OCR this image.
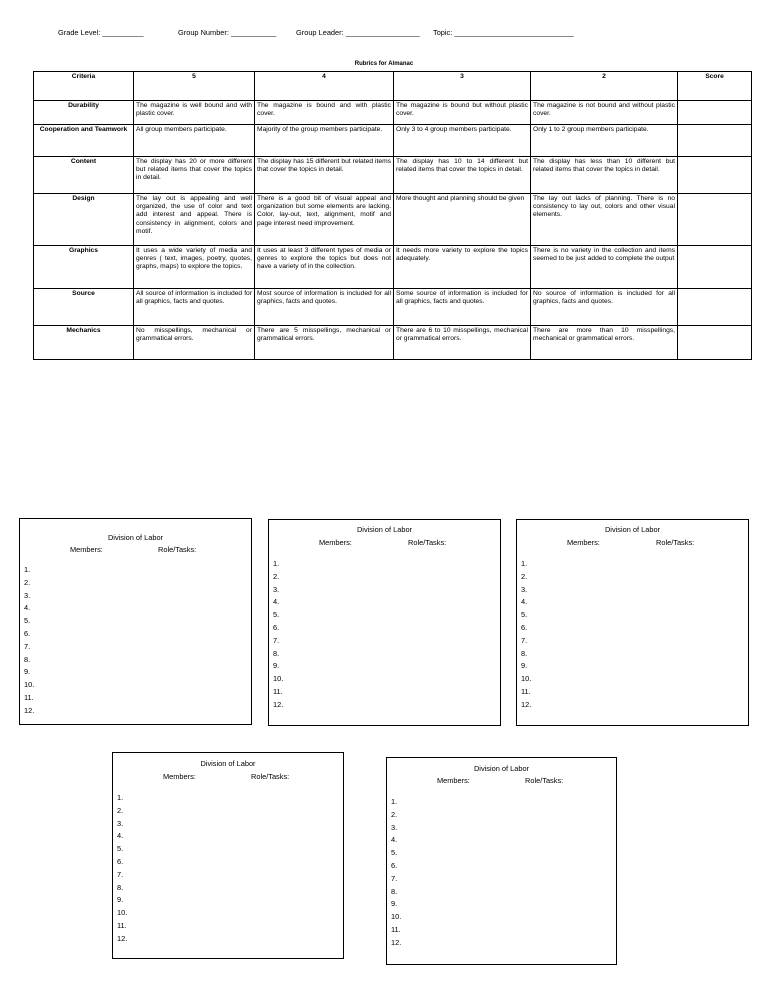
Grade Level: __________	Group Number: ___________	Group Leader: __________________ Topic: _____________________________
Rubrics for Almanac
Criteria	5	4	3	2	Score
Durability	The magazine is well bound and with plastic cover.	The magazine is bound and with plastic cover.	The magazine is bound but without plastic cover.	The magazine is not bound and without plastic cover.	
Cooperation and Teamwork	All group members participate.	Majority of the group members participate.	Only 3 to 4 group members participate.	Only 1 to 2 group members participate.	
Content	The display has 20 or more different but related items that cover the topics in detail.	The display has 15 different but related items that cover the topics in detail.	The display has 10 to 14 different but related items that cover the topics in detail.	The display has less than 10 different but related items that cover the topics in detail.	
Design	The lay out is appealing and well organized, the use of color and text add interest and appeal. There is consistency in alignment, colors and motif.	There is a good bit of visual appeal and organization but some elements are lacking. Color, lay-out, text, alignment, motif and page interest need improvement.	More thought and planning should be given	The lay out lacks of planning. There is no consistency to lay out, colors and other visual elements.	
Graphics	It uses a wide variety of media and genres ( text, images, poetry, quotes, graphs, maps) to explore the topics.	It uses at least 3 different types of media or genres to explore the topics but does not have a variety of in the collection.	It needs more variety to explore the topics adequately.	There is no variety in the collection and items seemed to be just added to complete the output	
Source	All source of information is included for all graphics, facts and quotes.	Most source of information is included for all graphics, facts and quotes.	Some source of information is included for all graphics, facts and quotes.	No source of information is included for all graphics, facts and quotes.	
Mechanics	No misspellings, mechanical or grammatical errors.	There are 5 misspellings, mechanical or grammatical errors.	There are 6 to 10 misspellings, mechanical or grammatical errors.	There are more than 10 misspellings, mechanical or grammatical errors.	
Division of Labor
Members:	Role/Tasks:
1.
2.
3.
4.
5.
6.
7.
8.
9.
10.
11.
12.
Division of Labor
Members:	Role/Tasks:
1.
2.
3.
4.
5.
6.
7.
8.
9.
10.
11.
12.
Division of Labor
Members:	Role/Tasks:
1.
2.
3.
4.
5.
6.
7.
8.
9.
10.
11.
12.
Division of Labor
Members:	Role/Tasks:
1.
2.
3.
4.
5.
6.
7.
8.
9.
10.
11.
12.
Division of Labor
Members:	Role/Tasks:
1.
2.
3.
4.
5.
6.
7.
8.
9.
10.
11.
12.
